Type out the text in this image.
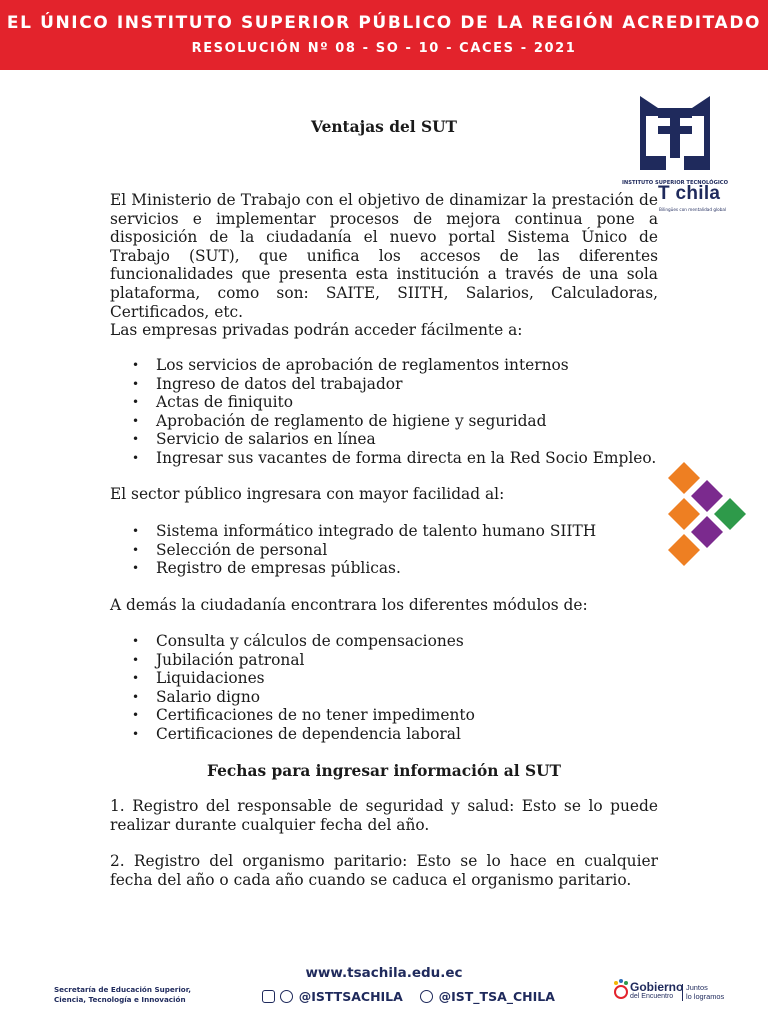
EL ÚNICO INSTITUTO SUPERIOR PÚBLICO DE LA REGIÓN ACREDITADO
RESOLUCIÓN Nº 08 - SO - 10 - CACES - 2021
INSTITUTO SUPERIOR TECNOLÓGICO
T chila
Bilingües con mentalidad global
Ventajas del SUT
El Ministerio de Trabajo con el objetivo de dinamizar la prestación de servicios e implementar procesos de mejora continua pone a disposición de la ciudadanía el nuevo portal Sistema Único de Trabajo (SUT), que unifica los accesos de las diferentes funcionalidades que presenta esta institución a través de una sola plataforma, como son: SAITE, SIITH, Salarios, Calculadoras, Certificados, etc.
Las empresas privadas podrán acceder fácilmente a:
• Los servicios de aprobación de reglamentos internos
• Ingreso de datos del trabajador
• Actas de finiquito
• Aprobación de reglamento de higiene y seguridad
• Servicio de salarios en línea
• Ingresar sus vacantes de forma directa en la Red Socio Empleo.
El sector público ingresara con mayor facilidad al:
• Sistema informático integrado de talento humano SIITH
• Selección de personal
• Registro de empresas públicas.
A demás la ciudadanía encontrara los diferentes módulos de:
• Consulta y cálculos de compensaciones
• Jubilación patronal
• Liquidaciones
• Salario digno
• Certificaciones de no tener impedimento
• Certificaciones de dependencia laboral
Fechas para ingresar información al SUT
1. Registro del responsable de seguridad y salud: Esto se lo puede realizar durante cualquier fecha del año.
2. Registro del organismo paritario: Esto se lo hace en cualquier fecha del año o cada año cuando se caduca el organismo paritario.
www.tsachila.edu.ec
@ISTTSACHILA	@IST_TSA_CHILA
Secretaría de Educación Superior,
Ciencia, Tecnología e Innovación
Gobierno
del Encuentro
Juntos
lo logramos
